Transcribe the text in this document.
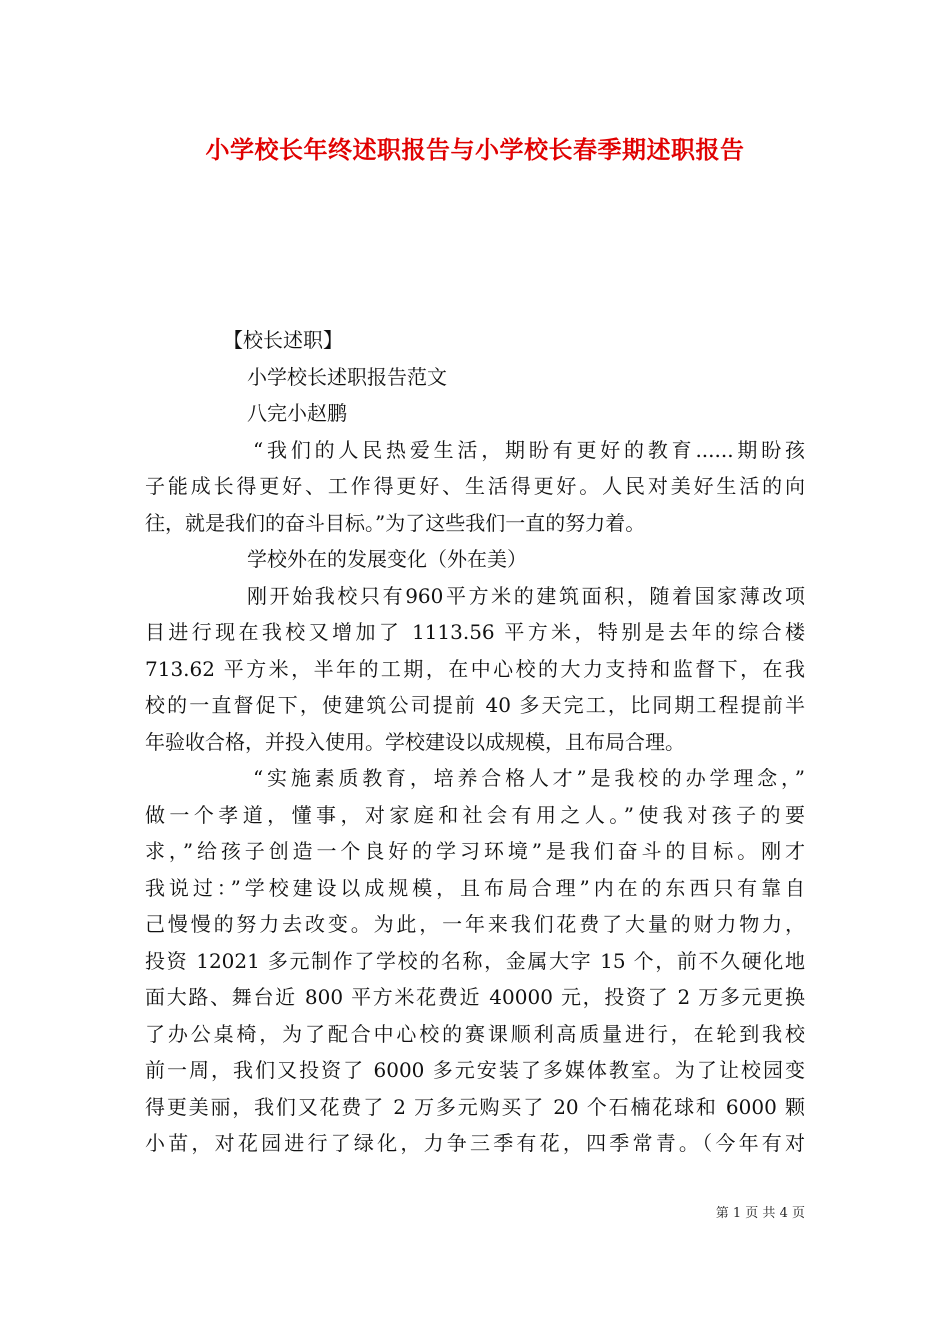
小学校长年终述职报告与小学校长春季期述职报告
【校长述职】
小学校长述职报告范文
八完小赵鹏
“我们的人民热爱生活，期盼有更好的教育......期盼孩
子能成长得更好、工作得更好、生活得更好。人民对美好生活的向
往，就是我们的奋斗目标。”为了这些我们一直的努力着。
学校外在的发展变化（外在美）
刚开始我校只有960平方米的建筑面积，随着国家薄改项
目进行现在我校又增加了 1113.56 平方米，特别是去年的综合楼
713.62 平方米，半年的工期，在中心校的大力支持和监督下，在我
校的一直督促下，使建筑公司提前 40 多天完工，比同期工程提前半
年验收合格，并投入使用。学校建设以成规模，且布局合理。
“实施素质教育，培养合格人才”是我校的办学理念，”
做一个孝道，懂事，对家庭和社会有用之人。”使我对孩子的要
求，”给孩子创造一个良好的学习环境”是我们奋斗的目标。刚才
我说过：”学校建设以成规模，且布局合理”内在的东西只有靠自
己慢慢的努力去改变。为此，一年来我们花费了大量的财力物力，
投资 12021 多元制作了学校的名称，金属大字 15 个，前不久硬化地
面大路、舞台近 800 平方米花费近 40000 元，投资了 2 万多元更换
了办公桌椅，为了配合中心校的赛课顺利高质量进行，在轮到我校
前一周，我们又投资了 6000 多元安装了多媒体教室。为了让校园变
得更美丽，我们又花费了 2 万多元购买了 20 个石楠花球和 6000 颗
小苗，对花园进行了绿化，力争三季有花，四季常青。（今年有对
第 1 页 共 4 页
